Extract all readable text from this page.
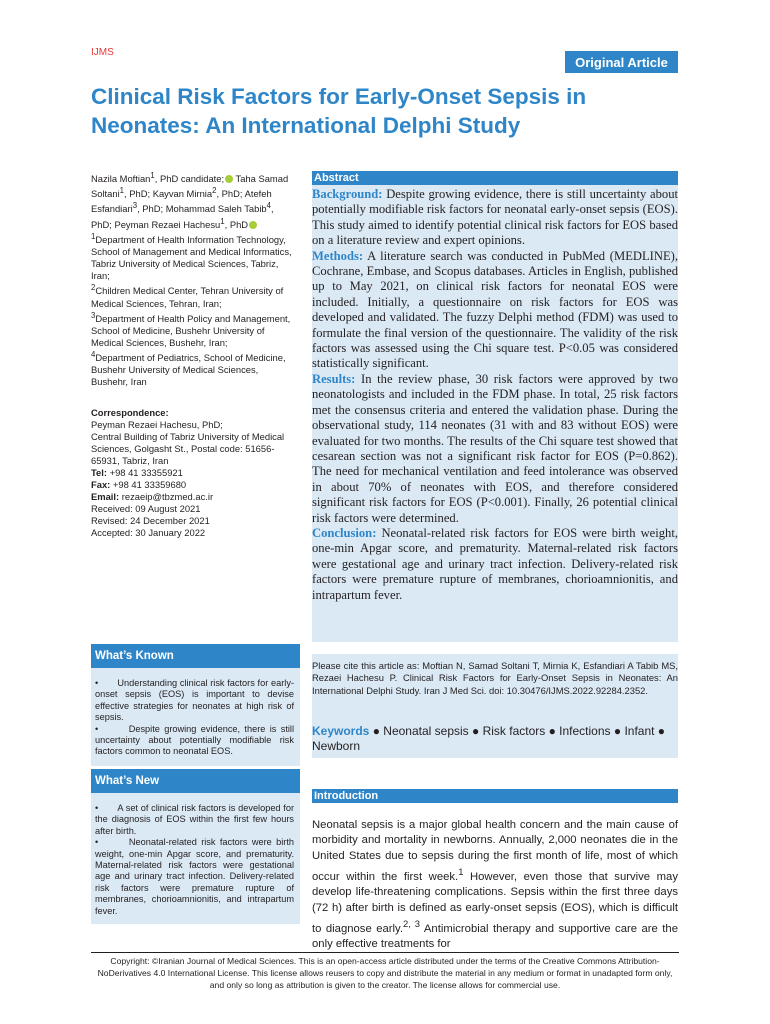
IJMS
Original Article
Clinical Risk Factors for Early-Onset Sepsis in Neonates: An International Delphi Study

Nazila Moftian$^1$, PhD candidate; Taha Samad Soltani$^1$, PhD; Kayvan Mirnia$^2$, PhD; Atefeh Esfandiari$^3$, PhD; Mohammad Saleh Tabib$^4$, PhD; Peyman Rezaei Hachesu$^1$, PhD

$^1$Department of Health Information Technology, School of Management and Medical Informatics, Tabriz University of Medical Sciences, Tabriz, Iran;

$^2$Children Medical Center, Tehran University of Medical Sciences, Tehran, Iran;

$^3$Department of Health Policy and Management, School of Medicine, Bushehr University of Medical Sciences, Bushehr, Iran;

$^4$Department of Pediatrics, School of Medicine, Bushehr University of Medical Sciences, Bushehr, Iran

Correspondence:

Peyman Rezaei Hachesu, PhD;

Central Building of Tabriz University of Medical Sciences, Golgasht St., Postal code: 51656-65931, Tabriz, Iran

Tel: +98 41 33355921

Fax: +98 41 33359680

Email: rezaeip@tbzmed.ac.ir

Received: 09 August 2021

Revised: 24 December 2021

Accepted: 30 January 2022

What’s Known

•       Understanding clinical risk factors for early-onset sepsis (EOS) is important to devise effective strategies for neonates at high risk of sepsis.

•       Despite growing evidence, there is still uncertainty about potentially modifiable risk factors common to neonatal EOS.

What’s New

•       A set of clinical risk factors is developed for the diagnosis of EOS within the first few hours after birth.

•       Neonatal-related risk factors were birth weight, one-min Apgar score, and prematurity. Maternal-related risk factors were gestational age and urinary tract infection. Delivery-related risk factors were premature rupture of membranes, chorioamnionitis, and intrapartum fever.

Abstract

Background: Despite growing evidence, there is still uncertainty about potentially modifiable risk factors for neonatal early-onset sepsis (EOS). This study aimed to identify potential clinical risk factors for EOS based on a literature review and expert opinions.

Methods: A literature search was conducted in PubMed (MEDLINE), Cochrane, Embase, and Scopus databases. Articles in English, published up to May 2021, on clinical risk factors for neonatal EOS were included. Initially, a questionnaire on risk factors for EOS was developed and validated. The fuzzy Delphi method (FDM) was used to formulate the final version of the questionnaire. The validity of the risk factors was assessed using the Chi square test. P<0.05 was considered statistically significant.

Results: In the review phase, 30 risk factors were approved by two neonatologists and included in the FDM phase. In total, 25 risk factors met the consensus criteria and entered the validation phase. During the observational study, 114 neonates (31 with and 83 without EOS) were evaluated for two months. The results of the Chi square test showed that cesarean section was not a significant risk factor for EOS (P=0.862). The need for mechanical ventilation and feed intolerance was observed in about 70% of neonates with EOS, and therefore considered significant risk factors for EOS (P<0.001). Finally, 26 potential clinical risk factors were determined.

Conclusion: Neonatal-related risk factors for EOS were birth weight, one-min Apgar score, and prematurity. Maternal-related risk factors were gestational age and urinary tract infection. Delivery-related risk factors were premature rupture of membranes, chorioamnionitis, and intrapartum fever.

Please cite this article as: Moftian N, Samad Soltani T, Mirnia K, Esfandiari A Tabib MS, Rezaei Hachesu P. Clinical Risk Factors for Early-Onset Sepsis in Neonates: An International Delphi Study. Iran J Med Sci. doi: 10.30476/IJMS.2022.92284.2352.

Keywords ● Neonatal sepsis ● Risk factors ● Infections ● Infant ● Newborn

Introduction

Neonatal sepsis is a major global health concern and the main cause of morbidity and mortality in newborns. Annually, 2,000 neonates die in the United States due to sepsis during the first month of life, most of which occur within the first week.$^1$ However, even those that survive may develop life-threatening complications. Sepsis within the first three days (72 h) after birth is defined as early-onset sepsis (EOS), which is difficult to diagnose early.$^{2, 3}$ Antimicrobial therapy and supportive care are the only effective treatments for

Copyright: ©Iranian Journal of Medical Sciences. This is an open-access article distributed under the terms of the Creative Commons Attribution-NoDerivatives 4.0 International License. This license allows reusers to copy and distribute the material in any medium or format in unadapted form only, and only so long as attribution is given to the creator. The license allows for commercial use.
